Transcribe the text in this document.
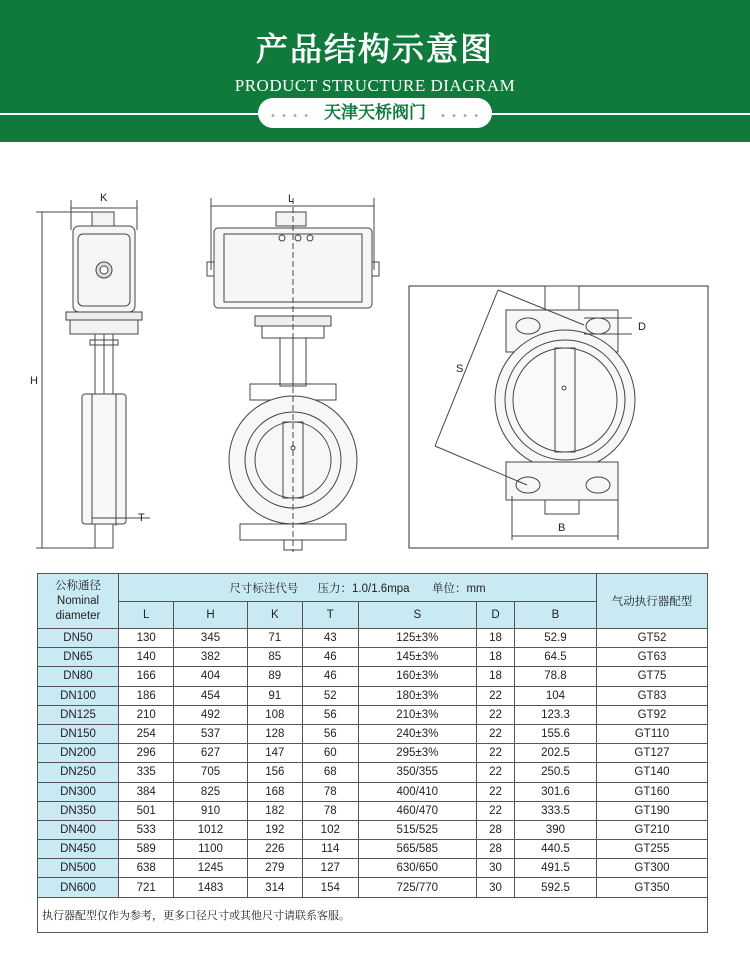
产品结构示意图
PRODUCT STRUCTURE DIAGRAM
天津天桥阀门
• • • •	• • • •
K
H
T
L
S
D
B
公称通径
Nominal
diameter	尺寸标注代号 压力：1.0/1.6mpa 单位：mm							气动执行器配型
	L	H	K	T	S	D	B	
DN50	130	345	71	43	125±3%	18	52.9	GT52
DN65	140	382	85	46	145±3%	18	64.5	GT63
DN80	166	404	89	46	160±3%	18	78.8	GT75
DN100	186	454	91	52	180±3%	22	104	GT83
DN125	210	492	108	56	210±3%	22	123.3	GT92
DN150	254	537	128	56	240±3%	22	155.6	GT110
DN200	296	627	147	60	295±3%	22	202.5	GT127
DN250	335	705	156	68	350/355	22	250.5	GT140
DN300	384	825	168	78	400/410	22	301.6	GT160
DN350	501	910	182	78	460/470	22	333.5	GT190
DN400	533	1012	192	102	515/525	28	390	GT210
DN450	589	1100	226	114	565/585	28	440.5	GT255
DN500	638	1245	279	127	630/650	30	491.5	GT300
DN600	721	1483	314	154	725/770	30	592.5	GT350
执行器配型仅作为参考，更多口径尺寸或其他尺寸请联系客服。								
